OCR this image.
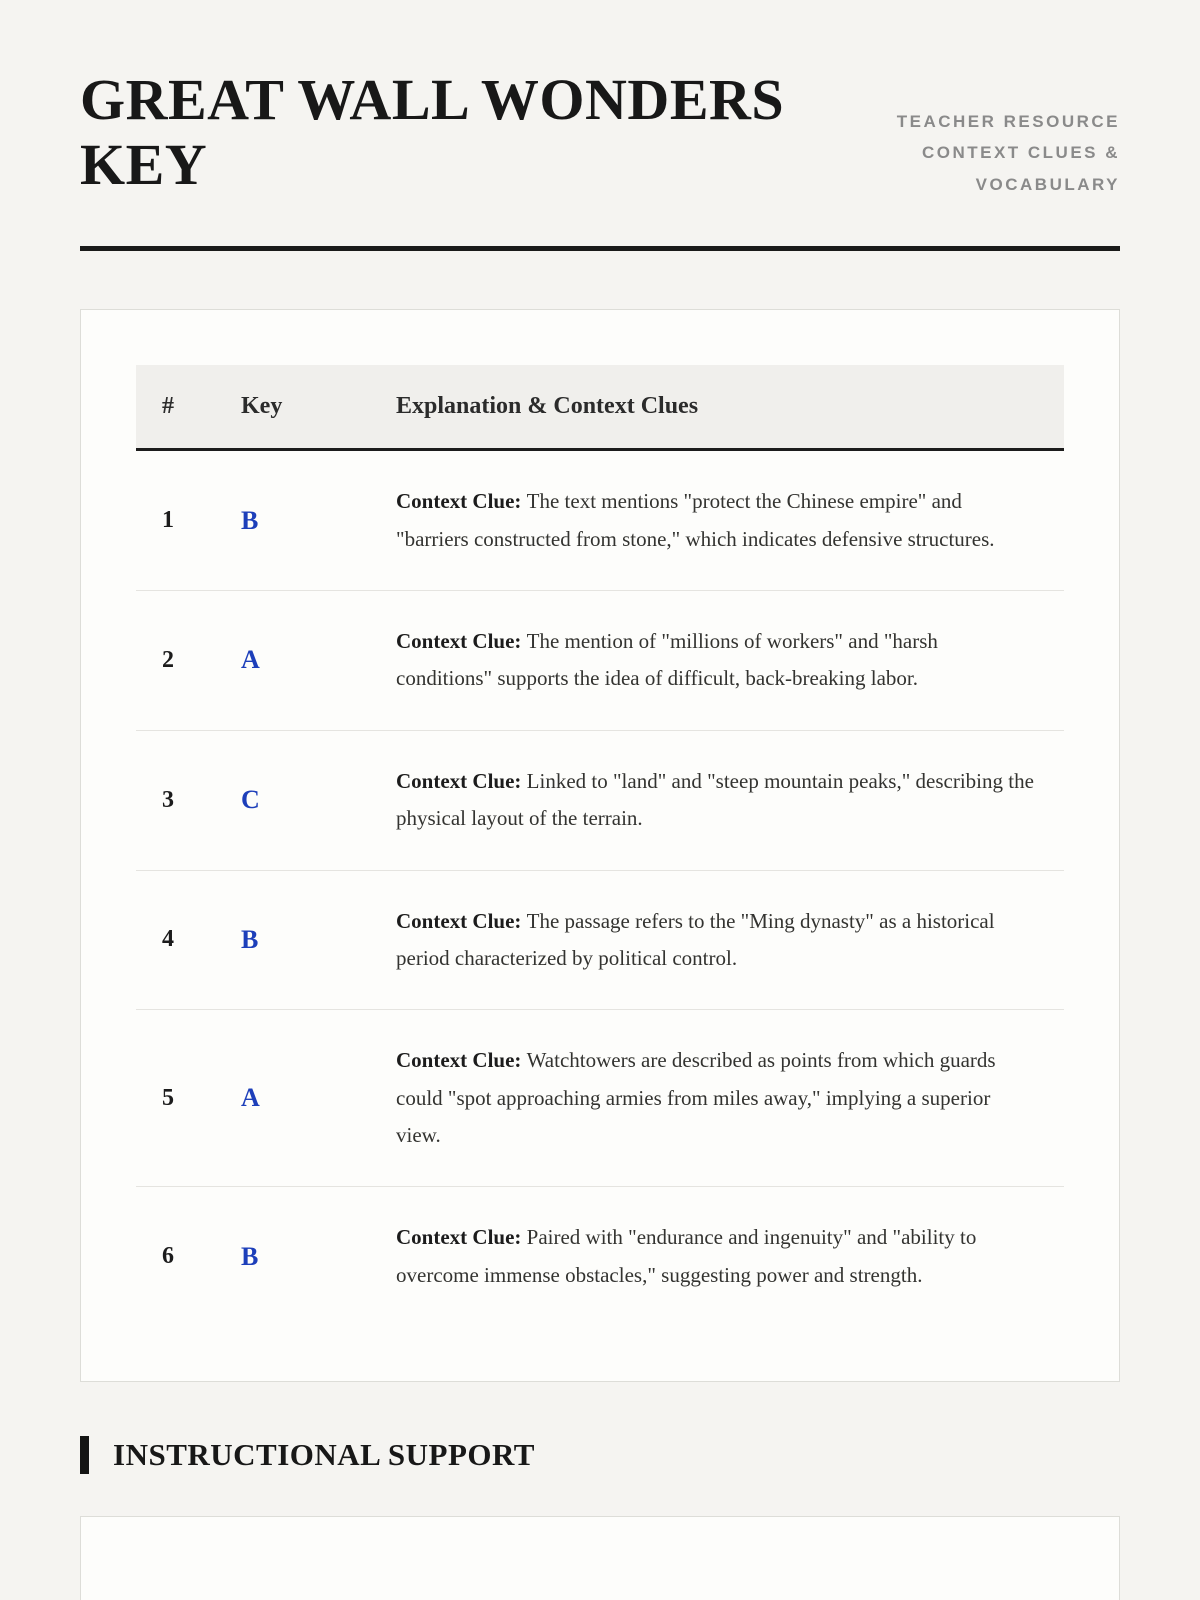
GREAT WALL WONDERS KEY
TEACHER RESOURCE
CONTEXT CLUES &
VOCABULARY
#	Key	Explanation & Context Clues
1	B	Context Clue: The text mentions "protect the Chinese empire" and "barriers constructed from stone," which indicates defensive structures.
2	A	Context Clue: The mention of "millions of workers" and "harsh conditions" supports the idea of difficult, back-breaking labor.
3	C	Context Clue: Linked to "land" and "steep mountain peaks," describing the physical layout of the terrain.
4	B	Context Clue: The passage refers to the "Ming dynasty" as a historical period characterized by political control.
5	A	Context Clue: Watchtowers are described as points from which guards could "spot approaching armies from miles away," implying a superior view.
6	B	Context Clue: Paired with "endurance and ingenuity" and "ability to overcome immense obstacles," suggesting power and strength.
INSTRUCTIONAL SUPPORT
